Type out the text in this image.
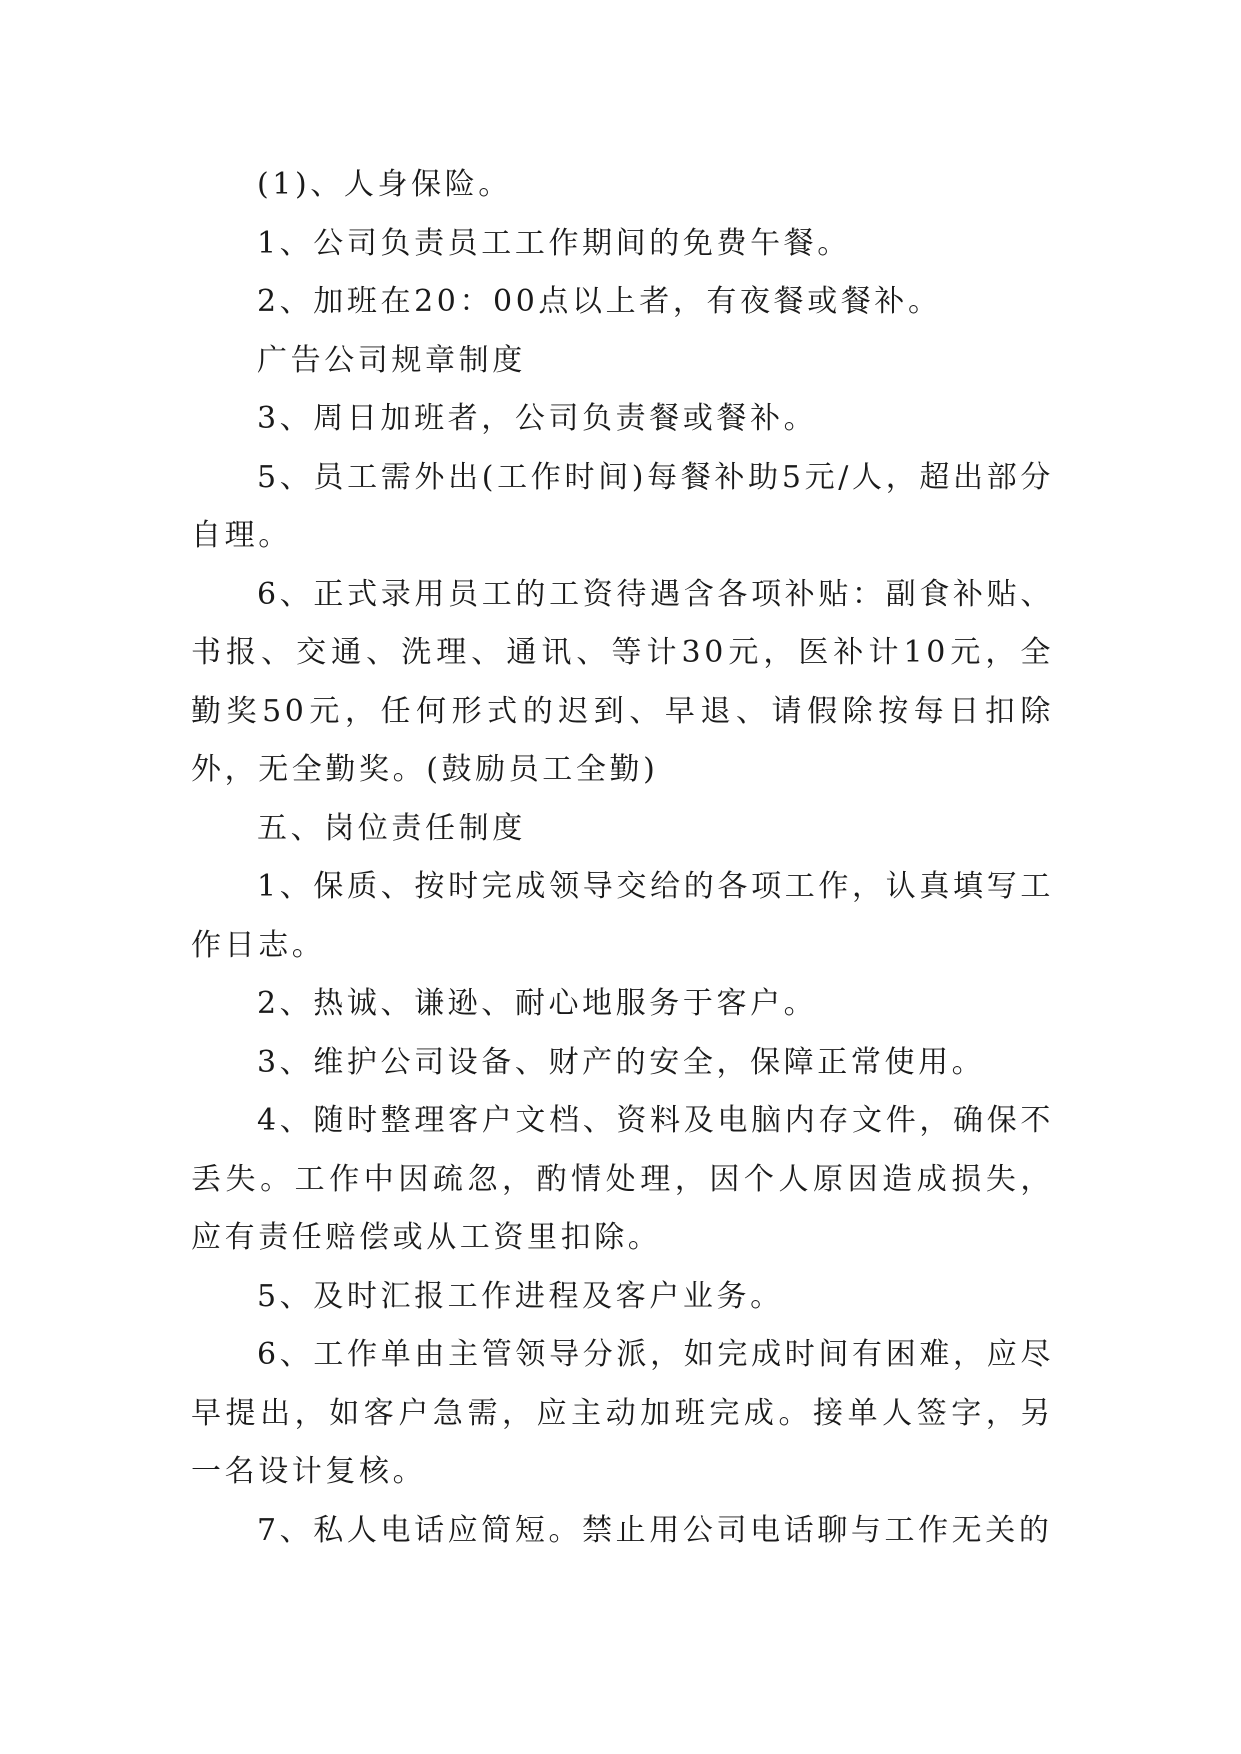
(1)、人身保险。

1、公司负责员工工作期间的免费午餐。

2、加班在20：00点以上者，有夜餐或餐补。

广告公司规章制度

3、周日加班者，公司负责餐或餐补。

5、员工需外出(工作时间)每餐补助5元/人，超出部分自理。

6、正式录用员工的工资待遇含各项补贴：副食补贴、书报、交通、洗理、通讯、等计30元，医补计10元，全勤奖50元，任何形式的迟到、早退、请假除按每日扣除外，无全勤奖。(鼓励员工全勤)

五、岗位责任制度

1、保质、按时完成领导交给的各项工作，认真填写工作日志。

2、热诚、谦逊、耐心地服务于客户。

3、维护公司设备、财产的安全，保障正常使用。

4、随时整理客户文档、资料及电脑内存文件，确保不丢失。工作中因疏忽，酌情处理，因个人原因造成损失，应有责任赔偿或从工资里扣除。

5、及时汇报工作进程及客户业务。

6、工作单由主管领导分派，如完成时间有困难，应尽早提出，如客户急需，应主动加班完成。接单人签字，另一名设计复核。

7、私人电话应简短。禁止用公司电话聊与工作无关的
